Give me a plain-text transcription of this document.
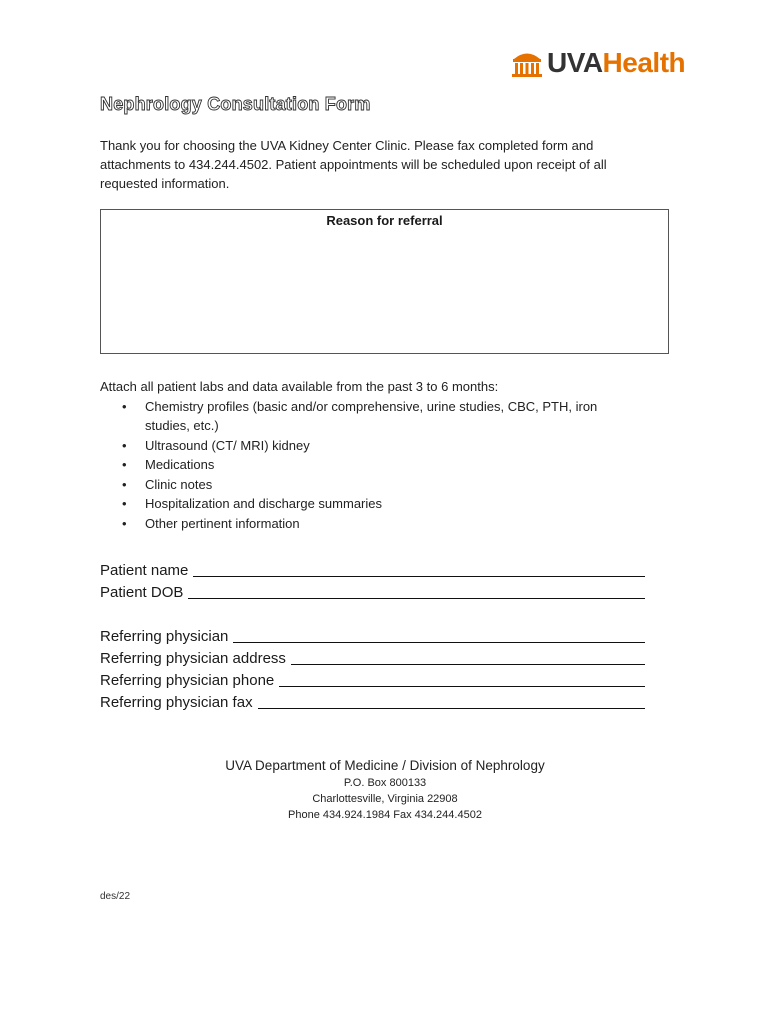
UVAHealth
Nephrology Consultation Form
Thank you for choosing the UVA Kidney Center Clinic. Please fax completed form and
attachments to 434.244.4502. Patient appointments will be scheduled upon receipt of all
requested information.
Reason for referral
Attach all patient labs and data available from the past 3 to 6 months:
• Chemistry profiles (basic and/or comprehensive, urine studies, CBC, PTH, iron
studies, etc.)
• Ultrasound (CT/ MRI) kidney
• Medications
• Clinic notes
• Hospitalization and discharge summaries
• Other pertinent information
Patient name
Patient DOB
Referring physician
Referring physician address
Referring physician phone
Referring physician fax
UVA Department of Medicine / Division of Nephrology
P.O. Box 800133
Charlottesville, Virginia 22908
Phone 434.924.1984 Fax 434.244.4502
des/22
